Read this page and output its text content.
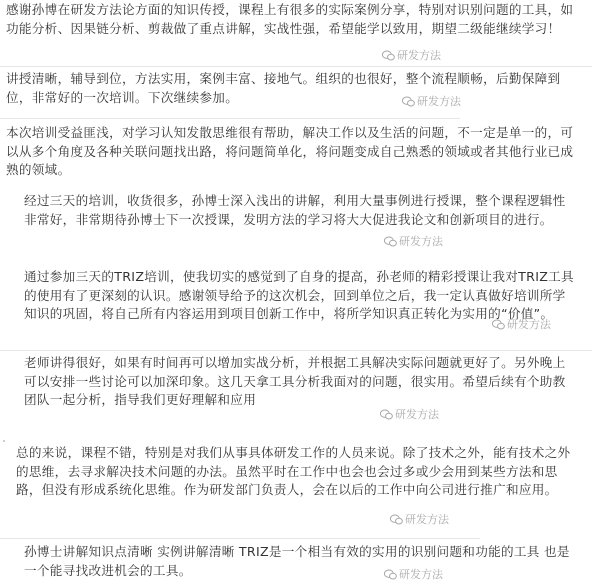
感谢孙博在研发方法论方面的知识传授，课程上有很多的实际案例分享，特别对识别问题的工具，如功能分析、因果链分析、剪裁做了重点讲解，实战性强，希望能学以致用，期望二级能继续学习！

讲授清晰，辅导到位，方法实用，案例丰富、接地气。组织的也很好，整个流程顺畅，后勤保障到位，非常好的一次培训。下次继续参加。

本次培训受益匪浅，对学习认知发散思维很有帮助，解决工作以及生活的问题，不一定是单一的，可以从多个角度及各种关联问题找出路，将问题简单化，将问题变成自己熟悉的领域或者其他行业已成熟的领域。

经过三天的培训，收货很多，孙博士深入浅出的讲解，利用大量事例进行授课，整个课程逻辑性非常好，非常期待孙博士下一次授课，发明方法的学习将大大促进我论文和创新项目的进行。

通过参加三天的TRIZ培训，使我切实的感觉到了自身的提高，孙老师的精彩授课让我对TRIZ工具的使用有了更深刻的认识。感谢领导给予的这次机会，回到单位之后，我一定认真做好培训所学知识的巩固，将自己所有内容运用到项目创新工作中，将所学知识真正转化为实用的“价值”。

老师讲得很好，如果有时间再可以增加实战分析，并根据工具解决实际问题就更好了。另外晚上可以安排一些讨论可以加深印象。这几天拿工具分析我面对的问题，很实用。希望后续有个助教团队一起分析，指导我们更好理解和应用

总的来说，课程不错，特别是对我们从事具体研发工作的人员来说。除了技术之外，能有技术之外的思维，去寻求解决技术问题的办法。虽然平时在工作中也会也会过多或少会用到某些方法和思路，但没有形成系统化思维。作为研发部门负责人，会在以后的工作中向公司进行推广和应用。

孙博士讲解知识点清晰 实例讲解清晰 TRIZ是一个相当有效的实用的识别问题和功能的工具 也是一个能寻找改进机会的工具。

研发方法
研发方法
研发方法
研发方法
研发方法
研发方法
研发方法
